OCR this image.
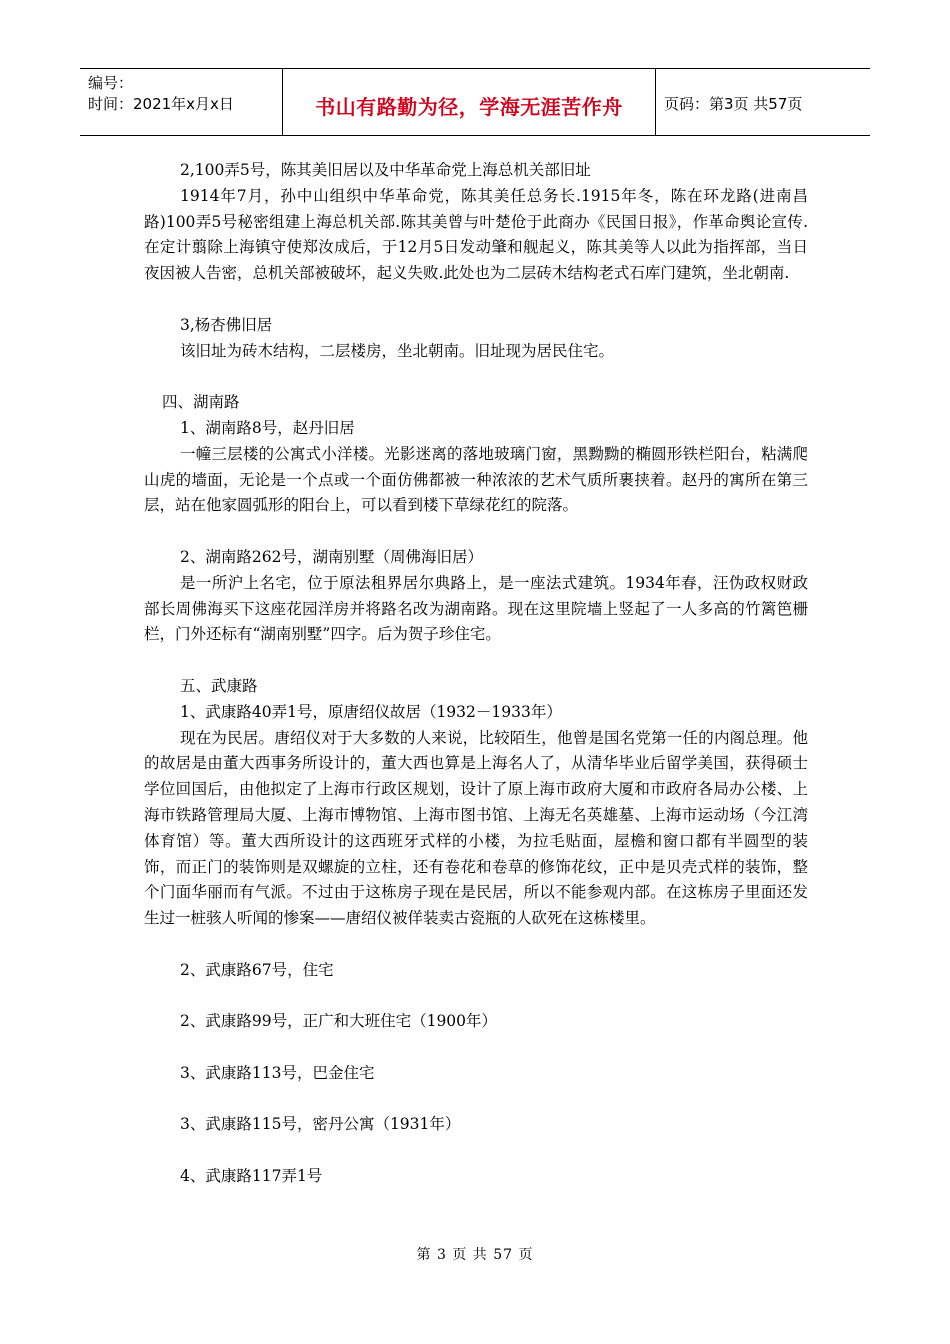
编号：
时间：2021年x月x日	书山有路勤为径，学海无涯苦作舟	页码：第3页 共57页

2,100弄5号，陈其美旧居以及中华革命党上海总机关部旧址

1914年7月，孙中山组织中华革命党，陈其美任总务长.1915年冬，陈在环龙路(进南昌路)100弄5号秘密组建上海总机关部.陈其美曾与叶楚伧于此商办《民国日报》，作革命舆论宣传.在定计翦除上海镇守使郑汝成后，于12月5日发动肇和舰起义，陈其美等人以此为指挥部，当日夜因被人告密，总机关部被破坏，起义失败.此处也为二层砖木结构老式石库门建筑，坐北朝南.

3,杨杏佛旧居

该旧址为砖木结构，二层楼房，坐北朝南。旧址现为居民住宅。

四、湖南路

1、湖南路8号，赵丹旧居

一幢三层楼的公寓式小洋楼。光影迷离的落地玻璃门窗，黑黝黝的椭圆形铁栏阳台，粘满爬山虎的墙面，无论是一个点或一个面仿佛都被一种浓浓的艺术气质所裹挟着。赵丹的寓所在第三层，站在他家圆弧形的阳台上，可以看到楼下草绿花红的院落。

2、湖南路262号，湖南别墅（周佛海旧居）

是一所沪上名宅，位于原法租界居尔典路上，是一座法式建筑。1934年春，汪伪政权财政部长周佛海买下这座花园洋房并将路名改为湖南路。现在这里院墙上竖起了一人多高的竹篱笆栅栏，门外还标有“湖南别墅”四字。后为贺子珍住宅。

五、武康路

1、武康路40弄1号，原唐绍仪故居（1932－1933年）

现在为民居。唐绍仪对于大多数的人来说，比较陌生，他曾是国名党第一任的内阁总理。他的故居是由董大西事务所设计的，董大西也算是上海名人了，从清华毕业后留学美国，获得硕士学位回国后，由他拟定了上海市行政区规划，设计了原上海市政府大厦和市政府各局办公楼、上海市铁路管理局大厦、上海市博物馆、上海市图书馆、上海无名英雄墓、上海市运动场（今江湾体育馆）等。董大西所设计的这西班牙式样的小楼，为拉毛贴面，屋檐和窗口都有半圆型的装饰，而正门的装饰则是双螺旋的立柱，还有卷花和卷草的修饰花纹，正中是贝壳式样的装饰，整个门面华丽而有气派。不过由于这栋房子现在是民居，所以不能参观内部。在这栋房子里面还发生过一桩骇人听闻的惨案——唐绍仪被佯装卖古瓷瓶的人砍死在这栋楼里。

2、武康路67号，住宅

2、武康路99号，正广和大班住宅（1900年）

3、武康路113号，巴金住宅

3、武康路115号，密丹公寓（1931年）

4、武康路117弄1号

第 3 页 共 57 页
